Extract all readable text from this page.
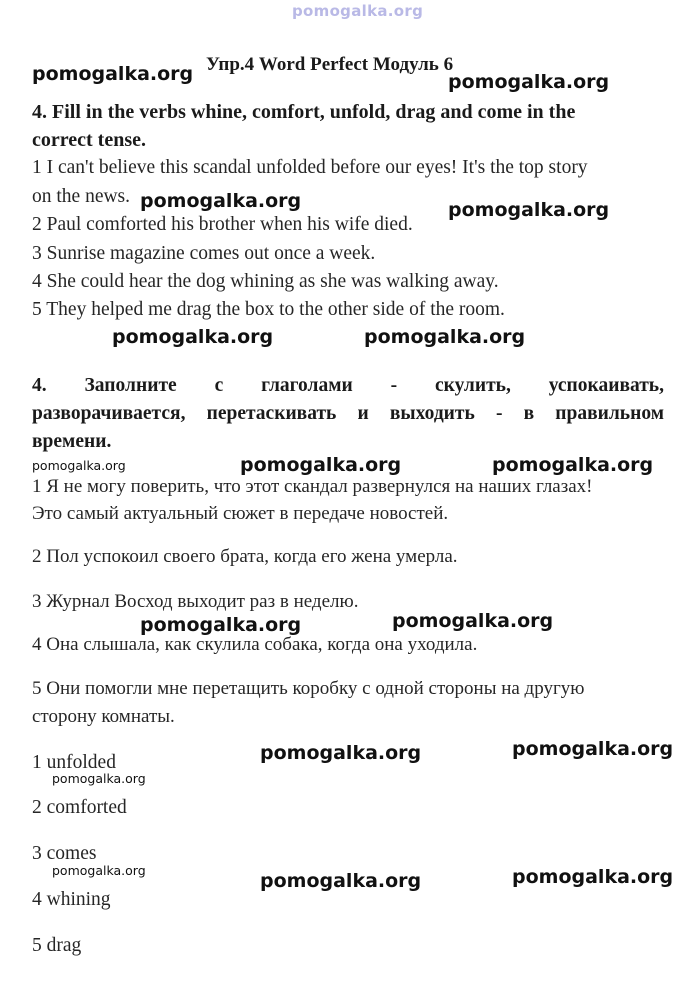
pomogalka.org
Упр.4 Word Perfect Модуль 6
4. Fill in the verbs whine, comfort, unfold, drag and come in the
correct tense.
1 I can't believe this scandal unfolded before our eyes! It's the top story
on the news.
2 Paul comforted his brother when his wife died.
3 Sunrise magazine comes out once a week.
4 She could hear the dog whining as she was walking away.
5 They helped me drag the box to the other side of the room.
4. Заполните с глаголами - скулить, успокаивать,
разворачивается, перетаскивать и выходить - в правильном
времени.
1 Я не могу поверить, что этот скандал развернулся на наших глазах!
Это самый актуальный сюжет в передаче новостей.
2 Пол успокоил своего брата, когда его жена умерла.
3 Журнал Восход выходит раз в неделю.
4 Она слышала, как скулила собака, когда она уходила.
5 Они помогли мне перетащить коробку с одной стороны на другую
сторону комнаты.
1 unfolded
2 comforted
3 comes
4 whining
5 drag
pomogalka.org	pomogalka.org
pomogalka.org	pomogalka.org
pomogalka.org	pomogalka.org
pomogalka.org	pomogalka.org	pomogalka.org
pomogalka.org	pomogalka.org
pomogalka.org	pomogalka.org
pomogalka.org
pomogalka.org	pomogalka.org	pomogalka.org
